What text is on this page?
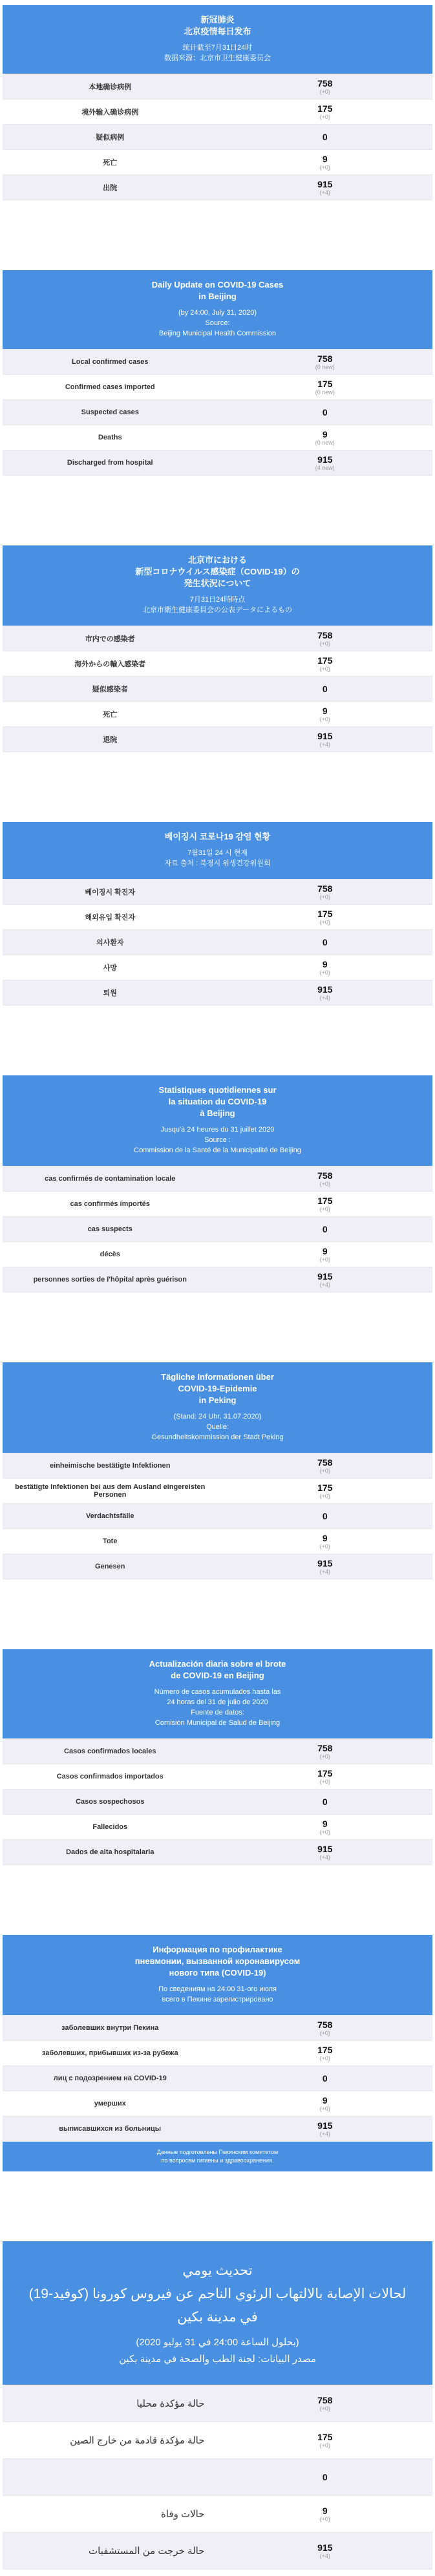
新冠肺炎
北京疫情每日发布
统计截至7月31日24时
数据来源：北京市卫生健康委员会
本地确诊病例	758
(+0)
境外输入确诊病例	175
(+0)
疑似病例	0
死亡	9
(+0)
出院	915
(+4)
Daily Update on COVID-19 Cases
in Beijing
(by 24:00, July 31, 2020)
Source:
Beijing Municipal Health Commission
Local confirmed cases	758
(0 new)
Confirmed cases imported	175
(0 new)
Suspected cases	0
Deaths	9
(0 new)
Discharged from hospital	915
(4 new)
北京市における
新型コロナウイルス感染症（COVID-19）の
発生状況について
7月31日24時時点
北京市衛生健康委員会の公表データによるもの
市内での感染者	758
(+0)
海外からの輸入感染者	175
(+0)
疑似感染者	0
死亡	9
(+0)
退院	915
(+4)
베이징시 코로나19 감염 현황
7월31일 24 시 현재
자료 출처 : 북경시 위생건강위원회
베이징시 확진자	758
(+0)
해외유입 확진자	175
(+0)
의사환자	0
사망	9
(+0)
퇴원	915
(+4)
Statistiques quotidiennes sur
la situation du COVID-19
à Beijing
Jusqu'à 24 heures du 31 juillet 2020
Source :
Commission de la Santé de la Municipalité de Beijing
cas confirmés de contamination locale	758
(+0)
cas confirmés importés	175
(+0)
cas suspects	0
décès	9
(+0)
personnes sorties de l'hôpital après guérison	915
(+4)
Tägliche Informationen über
COVID-19-Epidemie
in Peking
(Stand: 24 Uhr, 31.07.2020)
Quelle:
Gesundheitskommission der Stadt Peking
einheimische bestätigte Infektionen	758
(+0)
bestätigte Infektionen bei aus dem Ausland eingereisten Personen
175
(+0)
Verdachtsfälle	0
Tote	9
(+0)
Genesen	915
(+4)
Actualización diaria sobre el brote
de COVID-19 en Beijing
Número de casos acumulados hasta las
24 horas del 31 de julio de 2020
Fuente de datos:
Comisión Municipal de Salud de Beijing
Casos confirmados locales	758
(+0)
Casos confirmados importados	175
(+0)
Casos sospechosos	0
Fallecidos	9
(+0)
Dados de alta hospitalaria	915
(+4)
Информация по профилактике
пневмонии, вызванной коронавирусом
нового типа (COVID-19)
По сведениям на 24:00 31-ого июля
всего в Пекине зарегистрировано
заболевших внутри Пекина	758
(+0)
заболевших, прибывших из-за рубежа	175
(+0)
лиц с подозрением на COVID-19	0
умерших	9
(+0)
выписавшихся из больницы	915
(+4)
Данные подготовлены Пекинским комитетом
по вопросам гигиены и здравоохранения.
تحديث يومي
لحالات الإصابة بالالتهاب الرئوي الناجم عن فيروس كورونا (كوفيد-19)
في مدينة بكين
(بحلول الساعة 24:00 في 31 يوليو 2020)
مصدر البيانات: لجنة الطب والصحة في مدينة بكين
حالة مؤكدة محليا	758
(+0)
حالة مؤكدة قادمة من خارج الصين	175
(+0)
0
حالات وفاة	9
(+0)
حالة خرجت من المستشفيات	915
(+4)
